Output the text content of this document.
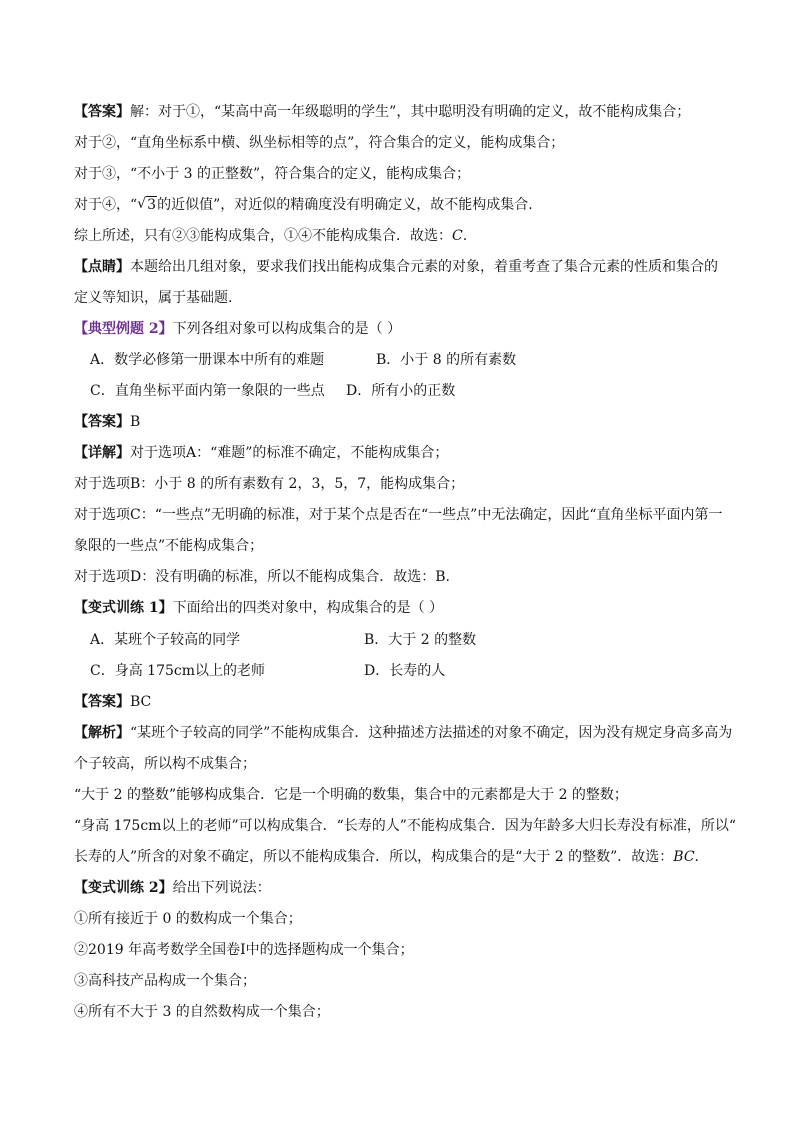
【答案】解：对于①，“某高中高一年级聪明的学生”，其中聪明没有明确的定义，故不能构成集合；
对于②，“直角坐标系中横、纵坐标相等的点”，符合集合的定义，能构成集合；
对于③，“不小于 3 的正整数”，符合集合的定义，能构成集合；
对于④，“ √ 3的近似值”，对近似的精确度没有明确定义，故不能构成集合.
综上所述，只有②③能构成集合，①④不能构成集合．故选：C.
【点睛】本题给出几组对象，要求我们找出能构成集合元素的对象，着重考查了集合元素的性质和集合的
定义等知识，属于基础题.
【典型例题 2】下列各组对象可以构成集合的是（ ）
A．数学必修第一册课本中所有的难题	B．小于 8 的所有素数
C．直角坐标平面内第一象限的一些点 D．所有小的正数
【答案】B
【详解】对于选项A：“难题”的标准不确定，不能构成集合；
对于选项B：小于 8 的所有素数有 2，3，5，7，能构成集合；
对于选项C：“一些点”无明确的标准，对于某个点是否在“一些点”中无法确定，因此“直角坐标平面内第一
象限的一些点”不能构成集合；
对于选项D：没有明确的标准，所以不能构成集合．故选：B.
【变式训练 1】下面给出的四类对象中，构成集合的是（ ）
A．某班个子较高的同学	B．大于 2 的整数
C．身高 175cm以上的老师	D．长寿的人
【答案】BC
【解析】“某班个子较高的同学”不能构成集合．这种描述方法描述的对象不确定，因为没有规定身高多高为
个子较高，所以构不成集合；
“大于 2 的整数”能够构成集合．它是一个明确的数集，集合中的元素都是大于 2 的整数；
“身高 175cm以上的老师”可以构成集合．“长寿的人”不能构成集合．因为年龄多大归长寿没有标准，所以“
长寿的人”所含的对象不确定，所以不能构成集合．所以，构成集合的是“大于 2 的整数”．故选：BC.
【变式训练 2】给出下列说法：
①所有接近于 0 的数构成一个集合；
②2019 年高考数学全国卷Ⅰ中的选择题构成一个集合；
③高科技产品构成一个集合；
④所有不大于 3 的自然数构成一个集合；
